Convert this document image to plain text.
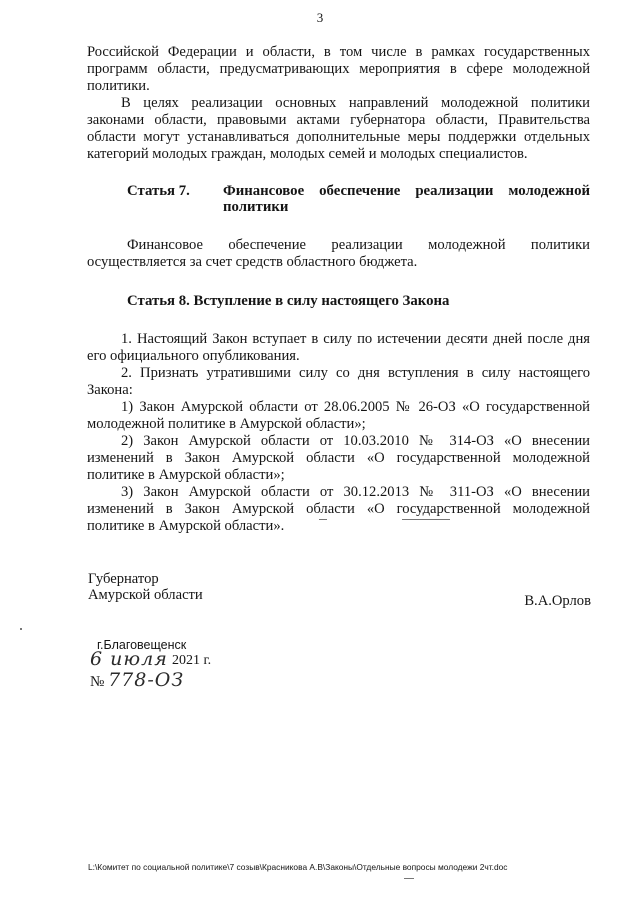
3

Российской Федерации и области, в том числе в рамках государственных программ области, предусматривающих мероприятия в сфере молодежной политики.

В целях реализации основных направлений молодежной политики законами области, правовыми актами губернатора области, Правительства области могут устанавливаться дополнительные меры поддержки отдельных категорий молодых граждан, молодых семей и молодых специалистов.

Статья 7.	Финансовое обеспечение реализации молодежной политики

Финансовое обеспечение реализации молодежной политики осуществляется за счет средств областного бюджета.

Статья 8. Вступление в силу настоящего Закона

1. Настоящий Закон вступает в силу по истечении десяти дней после дня его официального опубликования.

2. Признать утратившими силу со дня вступления в силу настоящего Закона:

1) Закон Амурской области от 28.06.2005 № 26-ОЗ «О государственной молодежной политике в Амурской области»;

2) Закон Амурской области от 10.03.2010 № 314-ОЗ «О внесении изменений в Закон Амурской области «О государственной молодежной политике в Амурской области»;

3) Закон Амурской области от 30.12.2013 № 311-ОЗ «О внесении изменений в Закон Амурской области «О государственной молодежной политике в Амурской области».

Губернатор
Амурской области	В.А.Орлов
г.Благовещенск
6 июля 2021 г.
№ 778-ОЗ
L:\Комитет по социальной политике\7 созыв\Красникова А.В\Законы\Отдельные вопросы молодежи 2чт.doc
